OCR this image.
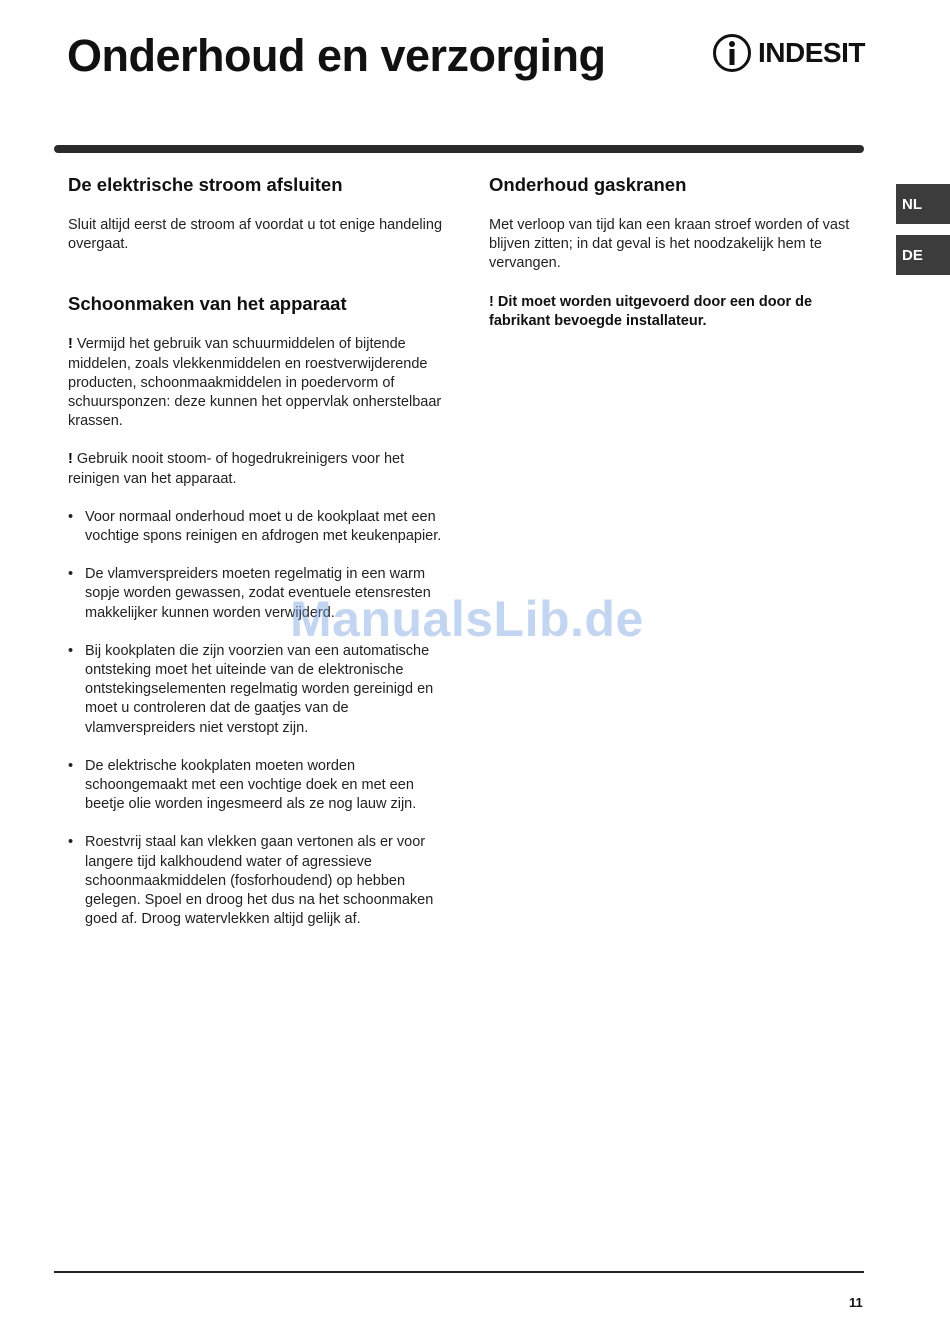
Onderhoud en verzorging	INDESIT
NL
DE
De elektrische stroom afsluiten

Sluit altijd eerst de stroom af voordat u tot enige handeling overgaat.

Schoonmaken van het apparaat

! Vermijd het gebruik van schuurmiddelen of bijtende middelen, zoals vlekkenmiddelen en roestverwijderende producten, schoonmaakmiddelen in poedervorm of schuursponzen: deze kunnen het oppervlak onherstelbaar krassen.

! Gebruik nooit stoom- of hogedrukreinigers voor het reinigen van het apparaat.

• Voor normaal onderhoud moet u de kookplaat met een vochtige spons reinigen en afdrogen met keukenpapier.
• De vlamverspreiders moeten regelmatig in een warm sopje worden gewassen, zodat eventuele etensresten makkelijker kunnen worden verwijderd.
• Bij kookplaten die zijn voorzien van een automatische ontsteking moet het uiteinde van de elektronische ontstekingselementen regelmatig worden gereinigd en moet u controleren dat de gaatjes van de vlamverspreiders niet verstopt zijn.
• De elektrische kookplaten moeten worden schoongemaakt met een vochtige doek en met een beetje olie worden ingesmeerd als ze nog lauw zijn.
• Roestvrij staal kan vlekken gaan vertonen als er voor langere tijd kalkhoudend water of agressieve schoonmaakmiddelen (fosforhoudend) op hebben gelegen. Spoel en droog het dus na het schoonmaken goed af. Droog watervlekken altijd gelijk af.
Onderhoud gaskranen

Met verloop van tijd kan een kraan stroef worden of vast blijven zitten; in dat geval is het noodzakelijk hem te vervangen.

! Dit moet worden uitgevoerd door een door de fabrikant bevoegde installateur.

ManualsLib.de
11
